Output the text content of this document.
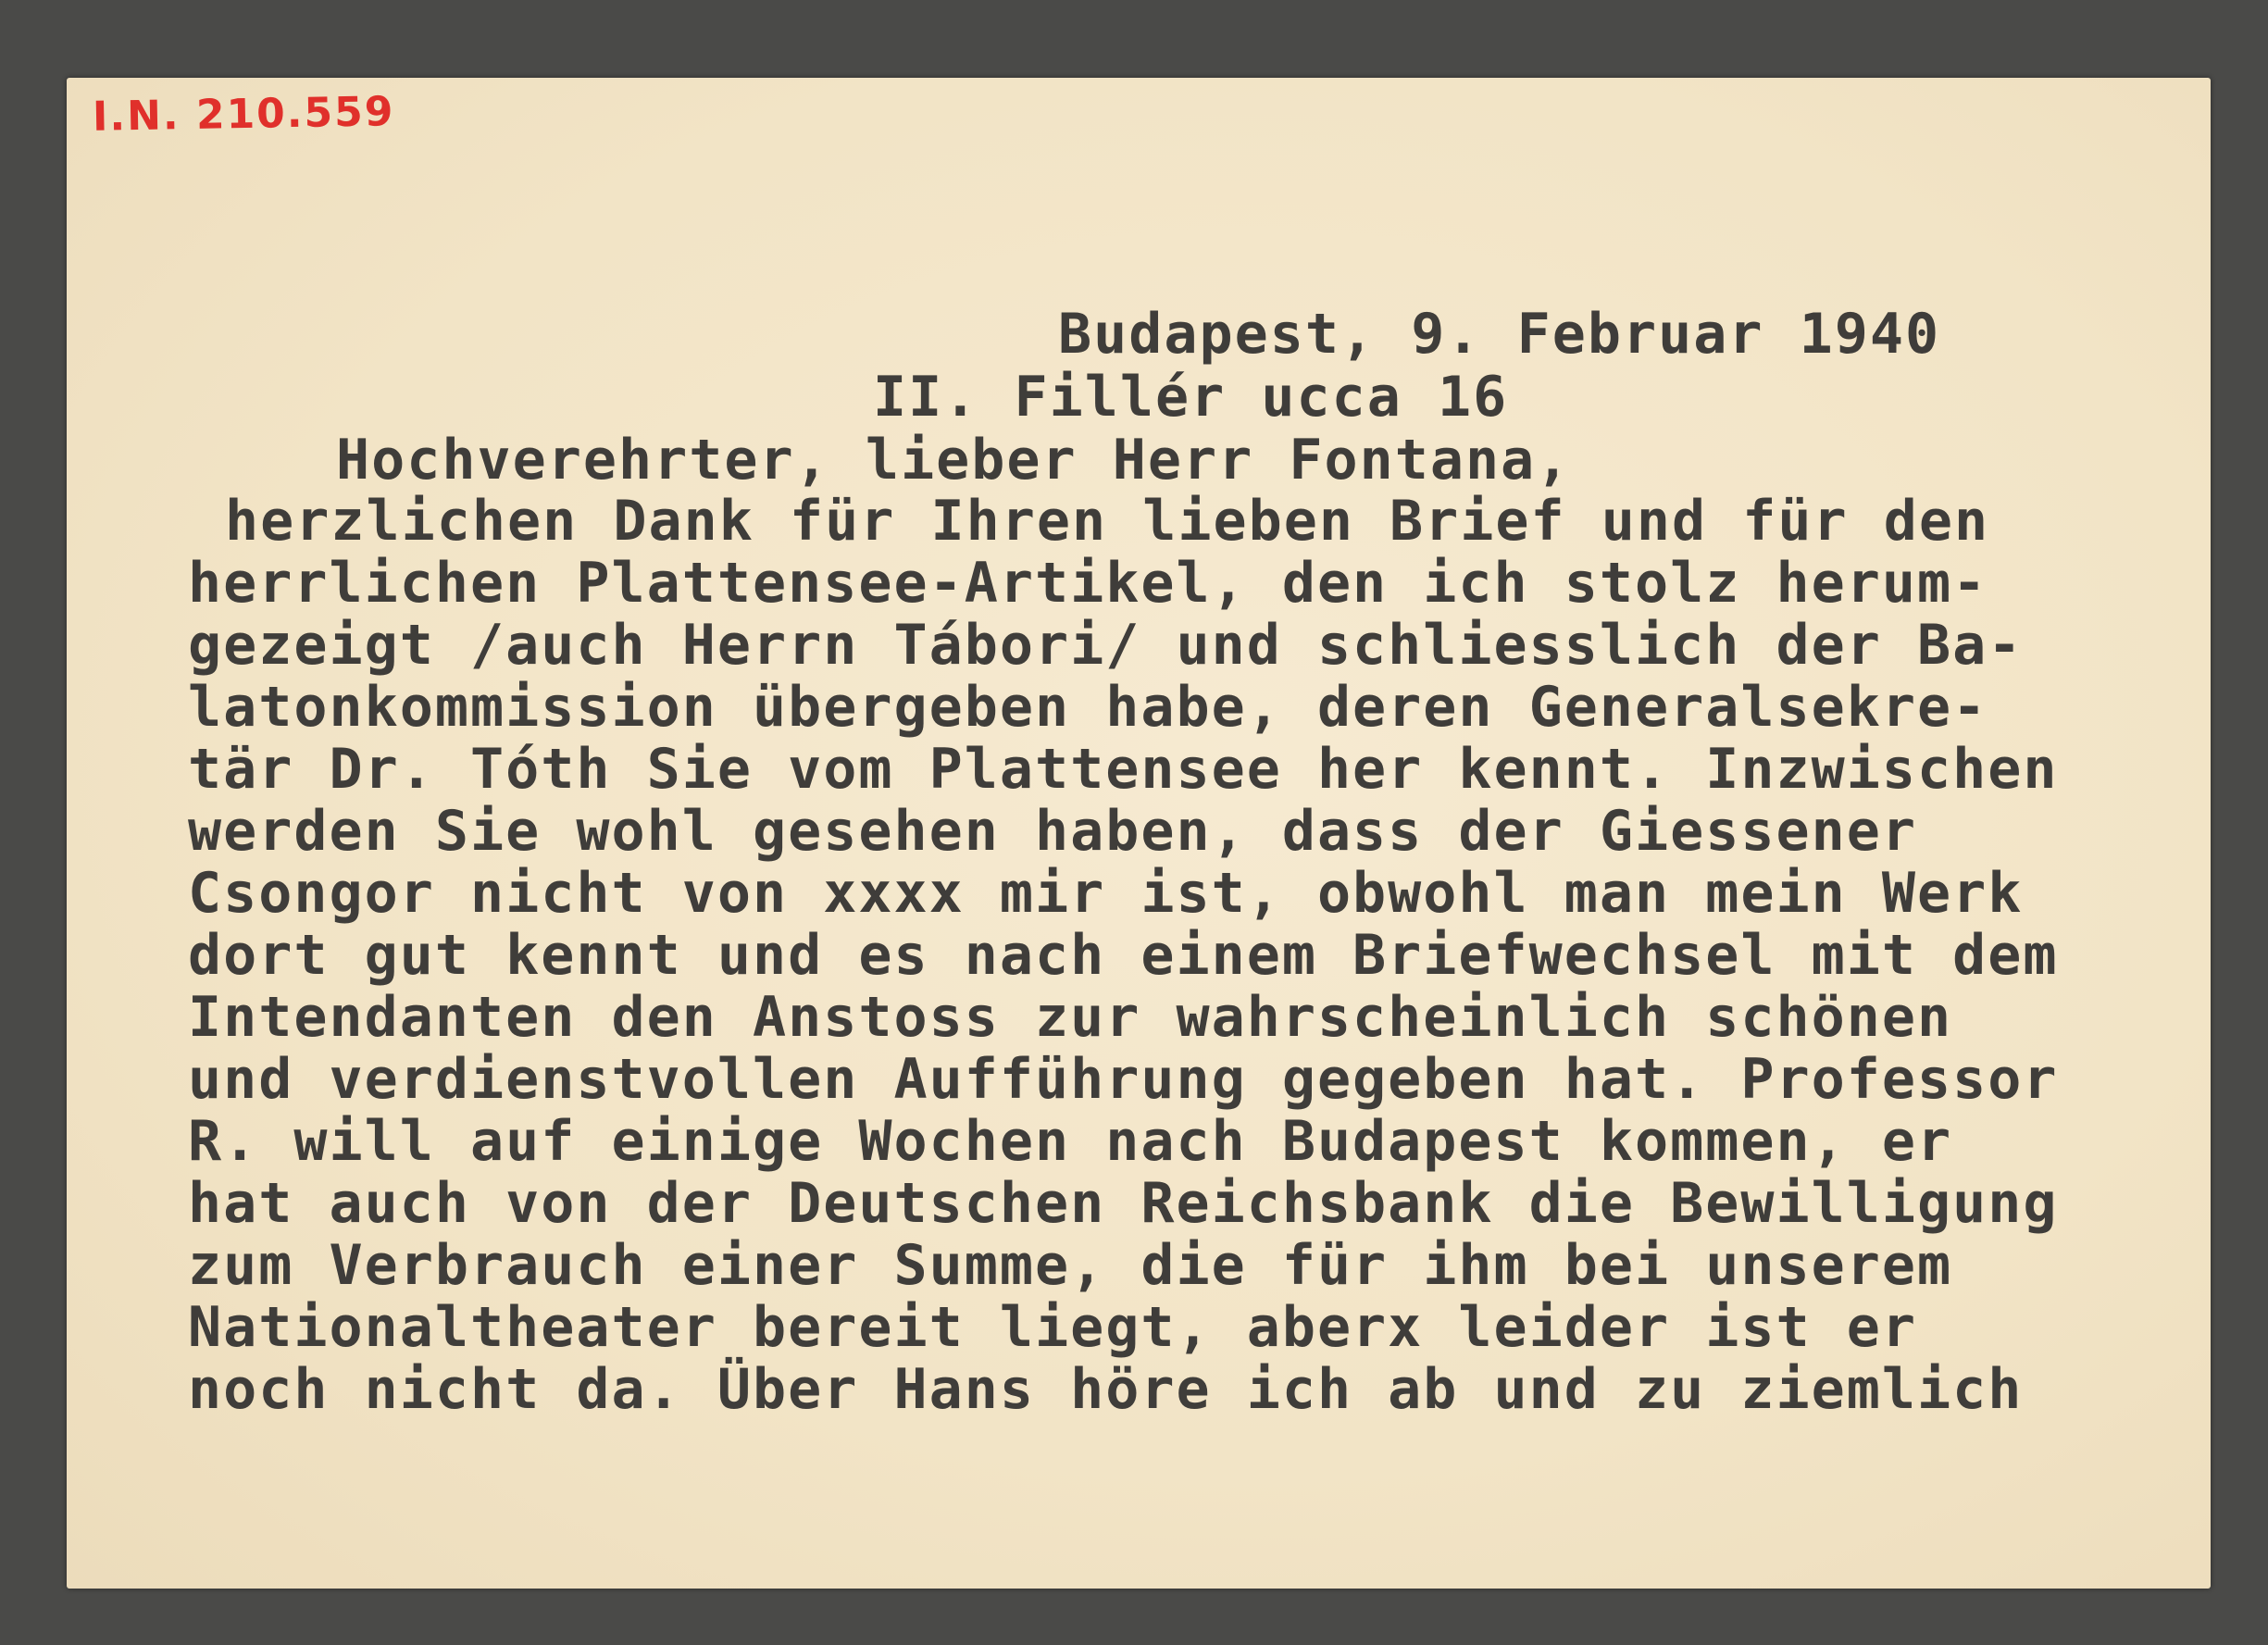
I.N. 210.559

Budapest, 9. Februar 1940

II. Fillér ucca 16

Hochverehrter, lieber Herr Fontana,

herzlichen Dank für Ihren lieben Brief und für den

herrlichen Plattensee-Artikel, den ich stolz herum-

gezeigt /auch Herrn Tábori/ und schliesslich der Ba-

latonkommission übergeben habe, deren Generalsekre-

tär Dr. Tóth Sie vom Plattensee her kennt. Inzwischen

werden Sie wohl gesehen haben, dass der Giessener

Csongor nicht von xxxx mir ist, obwohl man mein Werk

dort gut kennt und es nach einem Briefwechsel mit dem

Intendanten den Anstoss zur wahrscheinlich schönen

und verdienstvollen Aufführung gegeben hat. Professor

R. will auf einige Wochen nach Budapest kommen, er

hat auch von der Deutschen Reichsbank die Bewilligung

zum Verbrauch einer Summe, die für ihm bei unserem

Nationaltheater bereit liegt, aberx leider ist er

noch nicht da. Über Hans höre ich ab und zu ziemlich
